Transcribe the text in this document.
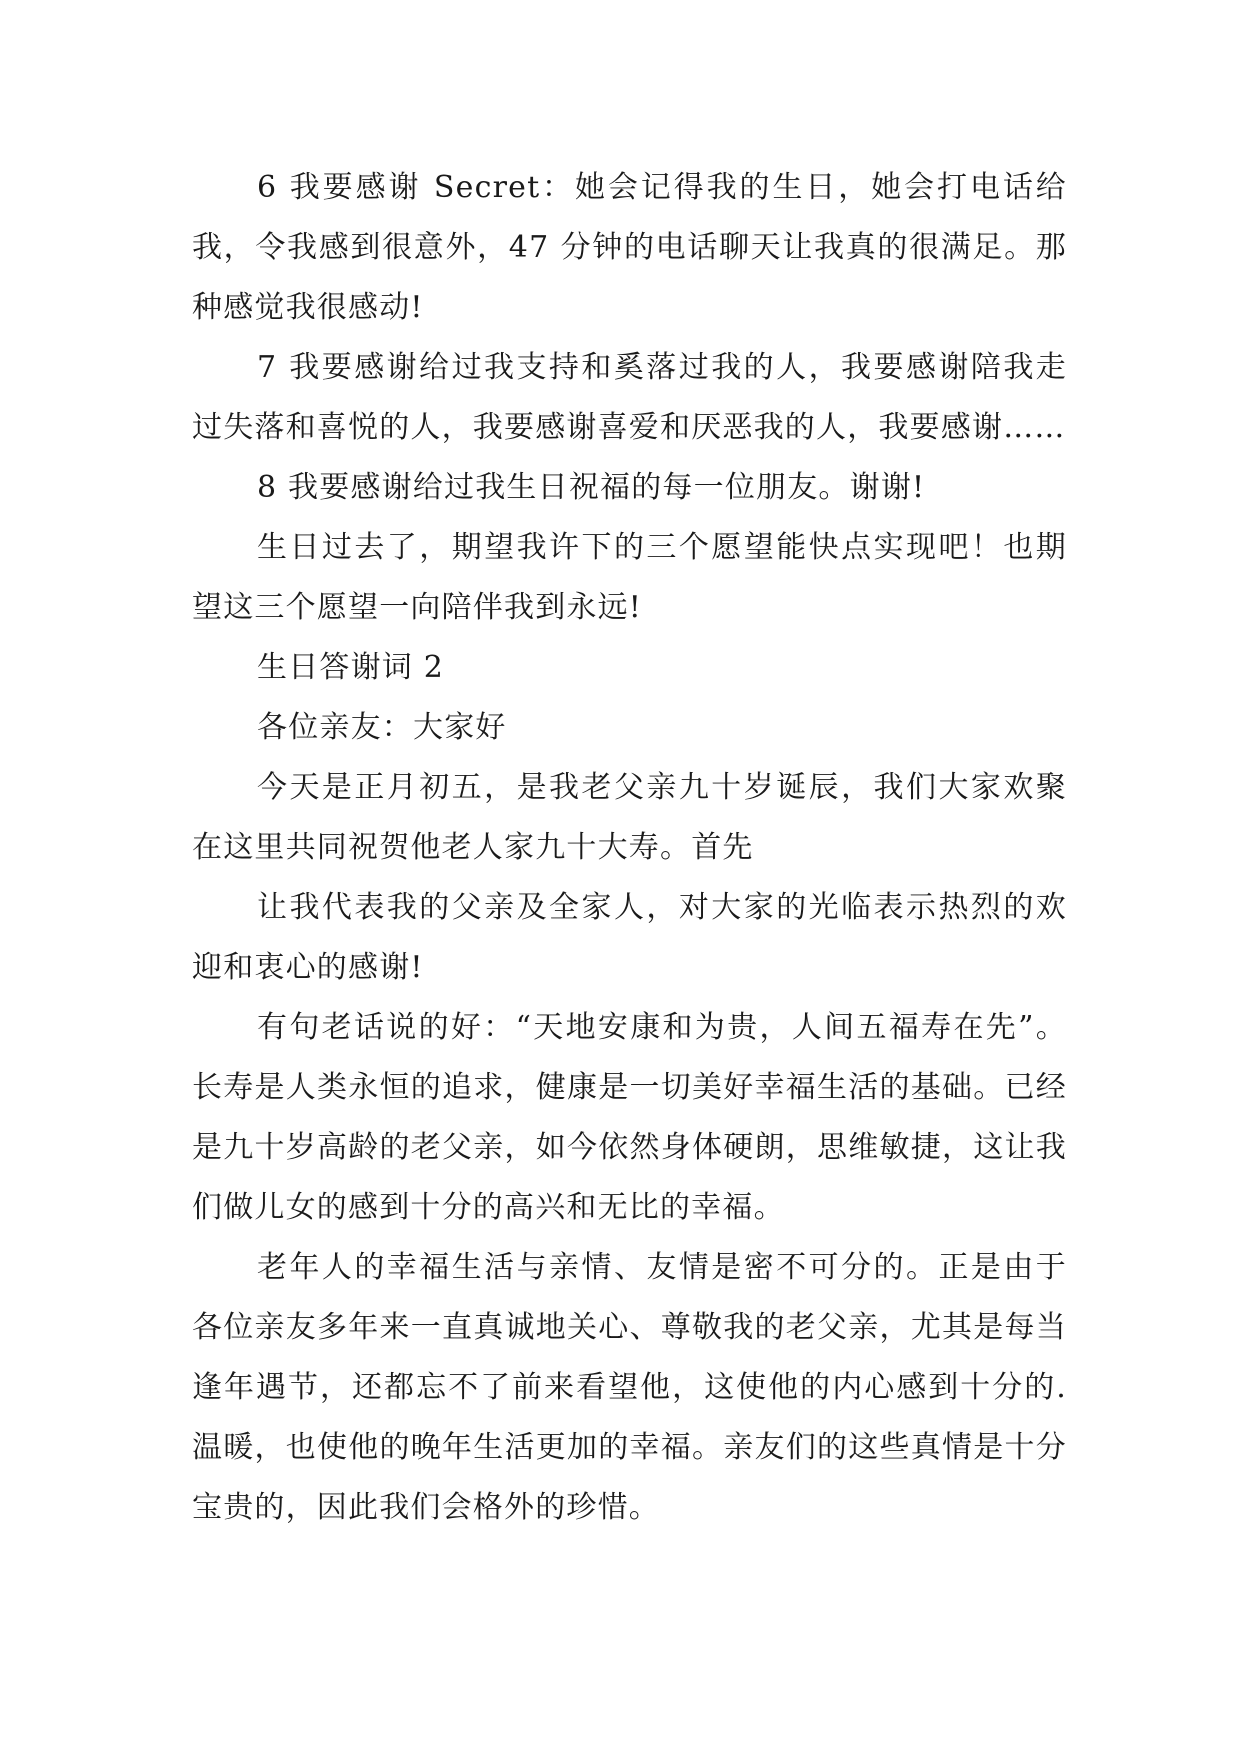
6 我要感谢 Secret：她会记得我的生日，她会打电话给我，令我感到很意外，47 分钟的电话聊天让我真的很满足。那种感觉我很感动!

7 我要感谢给过我支持和奚落过我的人，我要感谢陪我走过失落和喜悦的人，我要感谢喜爱和厌恶我的人，我要感谢……

8 我要感谢给过我生日祝福的每一位朋友。谢谢!

生日过去了，期望我许下的三个愿望能快点实现吧！也期望这三个愿望一向陪伴我到永远!

生日答谢词 2

各位亲友：大家好

今天是正月初五，是我老父亲九十岁诞辰，我们大家欢聚在这里共同祝贺他老人家九十大寿。首先

让我代表我的父亲及全家人，对大家的光临表示热烈的欢迎和衷心的感谢!

有句老话说的好：“天地安康和为贵，人间五福寿在先”。长寿是人类永恒的追求，健康是一切美好幸福生活的基础。已经是九十岁高龄的老父亲，如今依然身体硬朗，思维敏捷，这让我们做儿女的感到十分的高兴和无比的幸福。

老年人的幸福生活与亲情、友情是密不可分的。正是由于各位亲友多年来一直真诚地关心、尊敬我的老父亲，尤其是每当逢年遇节，还都忘不了前来看望他，这使他的内心感到十分的.温暖，也使他的晚年生活更加的幸福。亲友们的这些真情是十分宝贵的，因此我们会格外的珍惜。
